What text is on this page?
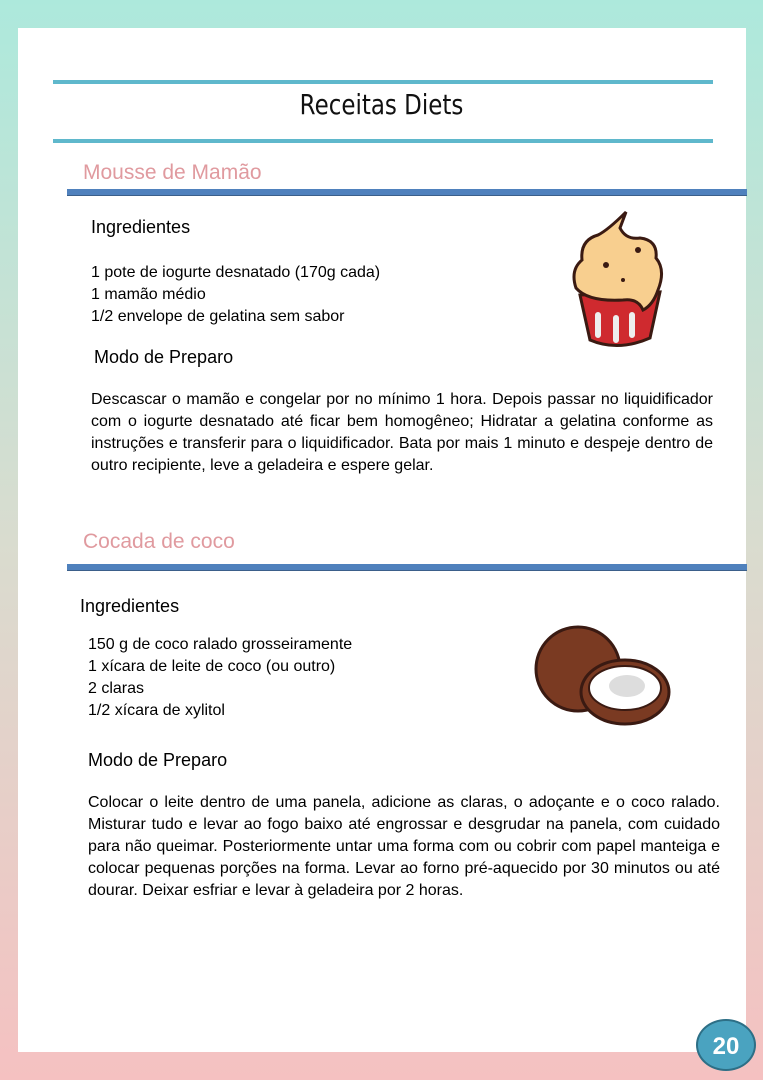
Receitas Diets
Mousse de Mamão
Ingredientes
1 pote de iogurte desnatado (170g cada)
1 mamão médio
1/2 envelope de gelatina sem sabor
Modo de Preparo
Descascar o mamão e congelar por no mínimo 1 hora. Depois passar no liquidificador com o iogurte desnatado até ficar bem homogêneo; Hidratar a gelatina conforme as instruções e transferir para o liquidificador. Bata por mais 1 minuto e despeje dentro de outro recipiente, leve a geladeira e espere gelar.
Cocada de coco
Ingredientes
150 g de coco ralado grosseiramente
1 xícara de leite de coco (ou outro)
2 claras
1/2 xícara de xylitol
Modo de Preparo
Colocar o leite dentro de uma panela, adicione as claras, o adoçante e o coco ralado. Misturar tudo e levar ao fogo baixo até engrossar e desgrudar na panela, com cuidado para não queimar. Posteriormente untar uma forma com ou cobrir com papel manteiga e colocar pequenas porções na forma. Levar ao forno pré-aquecido por 30 minutos ou até dourar. Deixar esfriar e levar à geladeira por 2 horas.
20
